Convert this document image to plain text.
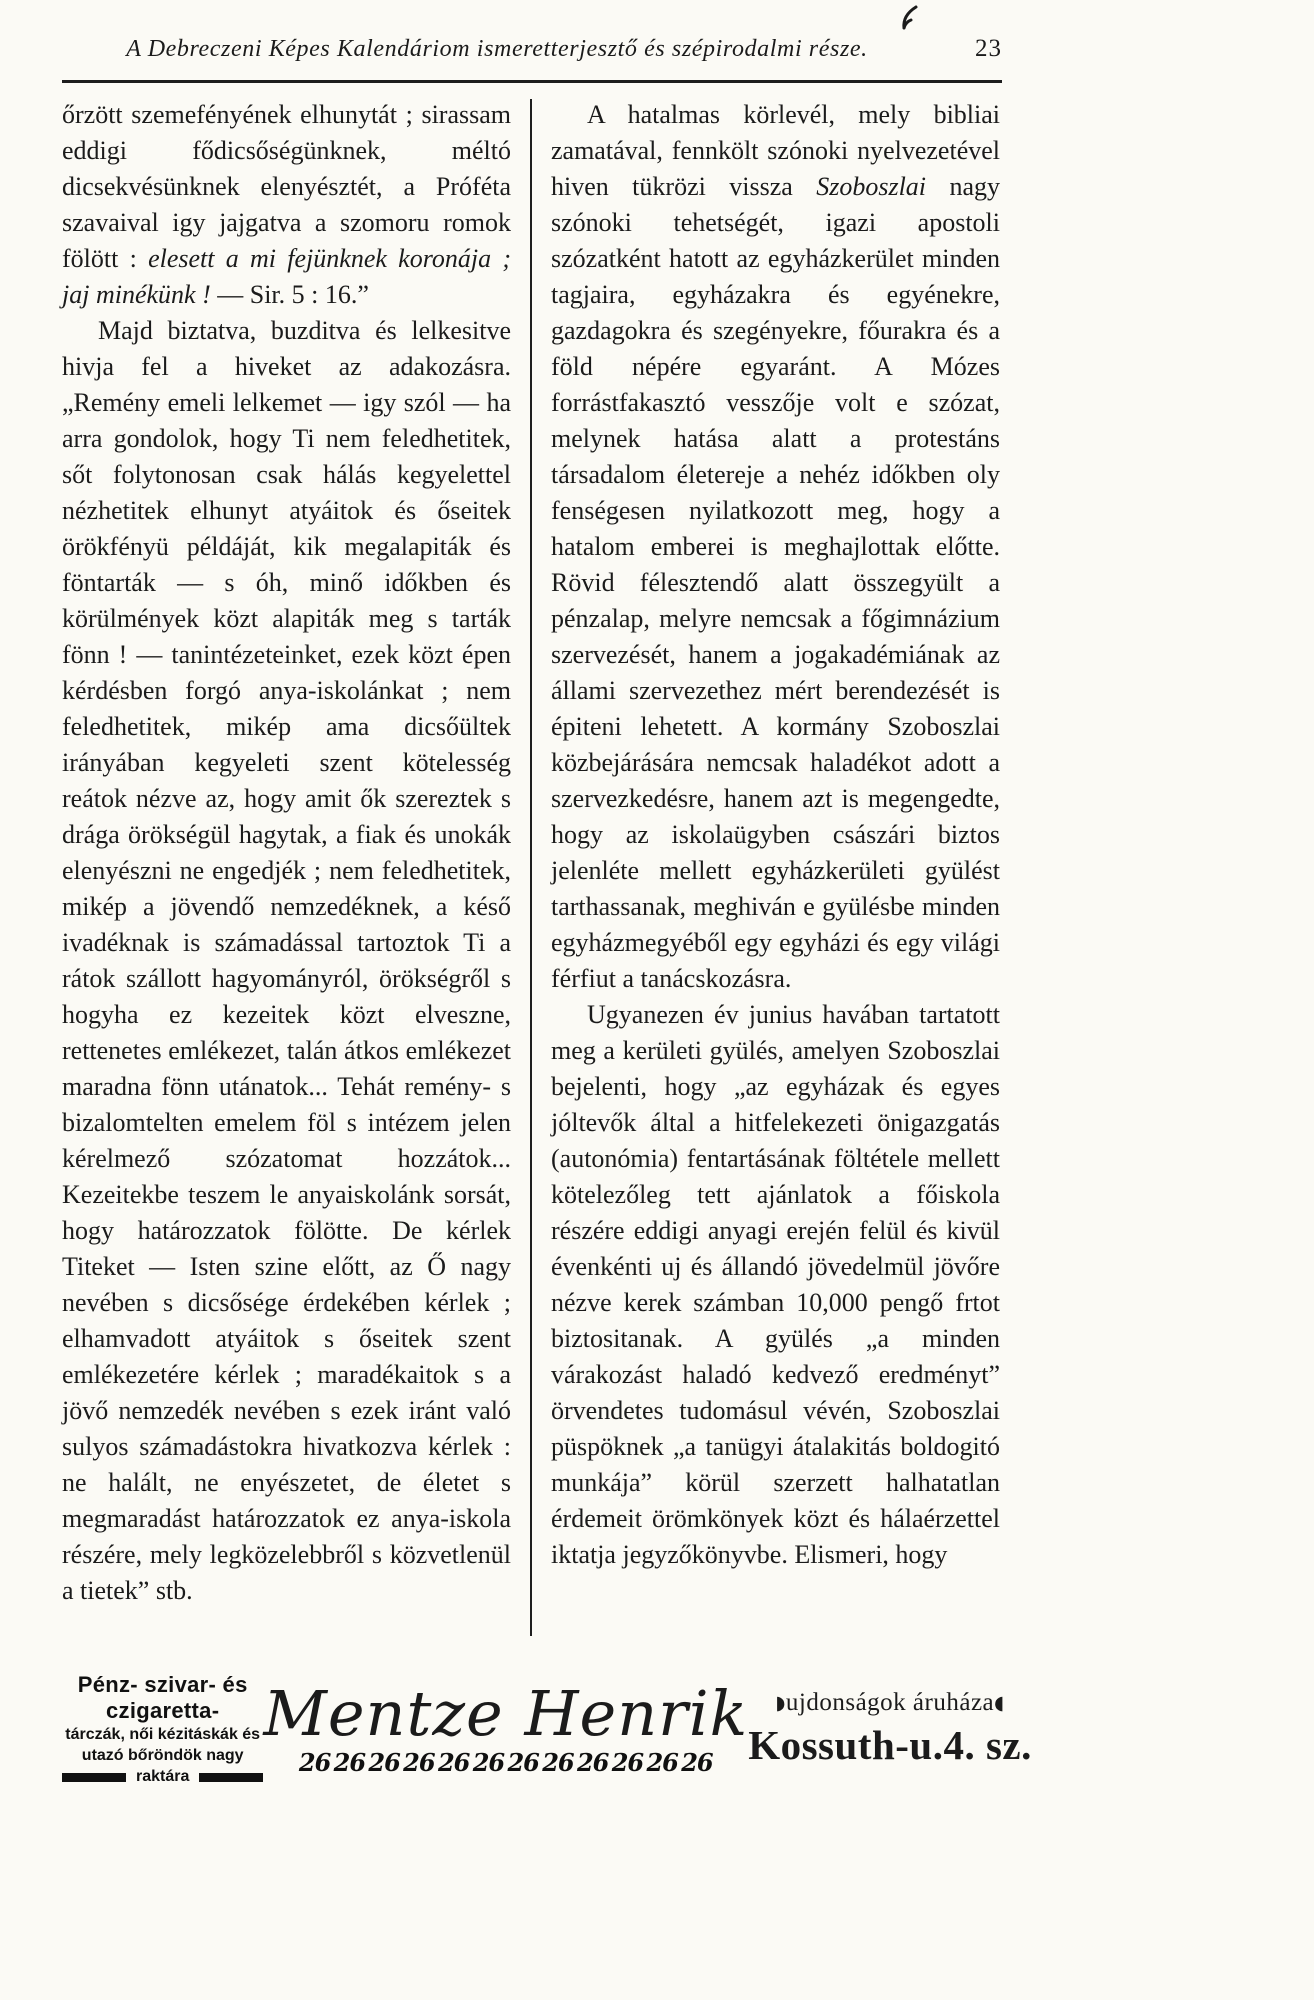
A Debreczeni Képes Kalendáriom ismeretterjesztő és szépirodalmi része.	23

őrzött szemefényének elhunytát ; sirassam eddigi fődicsőségünknek, méltó dicsekvésünknek elenyésztét, a Próféta szavaival igy jajgatva a szomoru romok fölött : elesett a mi fejünknek koronája ; jaj minékünk ! — Sir. 5 : 16.”

Majd biztatva, buzditva és lelkesitve hivja fel a hiveket az adakozásra. „Remény emeli lelkemet — igy szól — ha arra gondolok, hogy Ti nem feledhetitek, sőt folytonosan csak hálás kegyelettel nézhetitek elhunyt atyáitok és őseitek örökfényü példáját, kik megalapiták és föntarták — s óh, minő időkben és körülmények közt alapiták meg s tarták fönn ! — tanintézeteinket, ezek közt épen kérdésben forgó anya-iskolánkat ; nem feledhetitek, mikép ama dicsőültek irányában kegyeleti szent kötelesség reátok nézve az, hogy amit ők szereztek s drága örökségül hagytak, a fiak és unokák elenyészni ne engedjék ; nem feledhetitek, mikép a jövendő nemzedéknek, a késő ivadéknak is számadással tartoztok Ti a rátok szállott hagyományról, örökségről s hogyha ez kezeitek közt elveszne, rettenetes emlékezet, talán átkos emlékezet maradna fönn utánatok... Tehát remény- s bizalomtelten emelem föl s intézem jelen kérelmező szózatomat hozzátok... Kezeitekbe teszem le anyaiskolánk sorsát, hogy határozzatok fölötte. De kérlek Titeket — Isten szine előtt, az Ő nagy nevében s dicsősége érdekében kérlek ; elhamvadott atyáitok s őseitek szent emlékezetére kérlek ; maradékaitok s a jövő nemzedék nevében s ezek iránt való sulyos számadástokra hivatkozva kérlek : ne halált, ne enyészetet, de életet s megmaradást határozzatok ez anya-iskola részére, mely legközelebbről s közvetlenül a tietek” stb.

A hatalmas körlevél, mely bibliai zamatával, fennkölt szónoki nyelvezetével hiven tükrözi vissza Szoboszlai nagy szónoki tehetségét, igazi apostoli szózatként hatott az egyházkerület minden tagjaira, egyházakra és egyénekre, gazdagokra és szegényekre, főurakra és a föld népére egyaránt. A Mózes forrástfakasztó vesszője volt e szózat, melynek hatása alatt a protestáns társadalom életereje a nehéz időkben oly fenségesen nyilatkozott meg, hogy a hatalom emberei is meghajlottak előtte. Rövid félesztendő alatt összegyült a pénzalap, melyre nemcsak a főgimnázium szervezését, hanem a jogakadémiának az állami szervezethez mért berendezését is épiteni lehetett. A kormány Szoboszlai közbejárására nemcsak haladékot adott a szervezkedésre, hanem azt is megengedte, hogy az iskolaügyben császári biztos jelenléte mellett egyházkerületi gyülést tarthassanak, meghiván e gyülésbe minden egyházmegyéből egy egyházi és egy világi férfiut a tanácskozásra.

Ugyanezen év junius havában tartatott meg a kerületi gyülés, amelyen Szoboszlai bejelenti, hogy „az egyházak és egyes jóltevők által a hitfelekezeti önigazgatás (autonómia) fentartásának föltétele mellett kötelezőleg tett ajánlatok a főiskola részére eddigi anyagi erején felül és kivül évenkénti uj és állandó jövedelmül jövőre nézve kerek számban 10,000 pengő frtot biztositanak. A gyülés „a minden várakozást haladó kedvező eredményt” örvendetes tudomásul vévén, Szoboszlai püspöknek „a tanügyi átalakitás boldogitó munkája” körül szerzett halhatatlan érdemeit örömkönyek közt és hálaérzettel iktatja jegyzőkönyvbe. Elismeri, hogy

Pénz- szivar- és czigaretta-
tárczák, női kézitáskák és
utazó bőröndök nagy
raktára
Mentze Henrik
26 26 26 26 26 26 26 26 26 26 26 26
◗ujdonságok áruháza◖
Kossuth-u.4. sz.
